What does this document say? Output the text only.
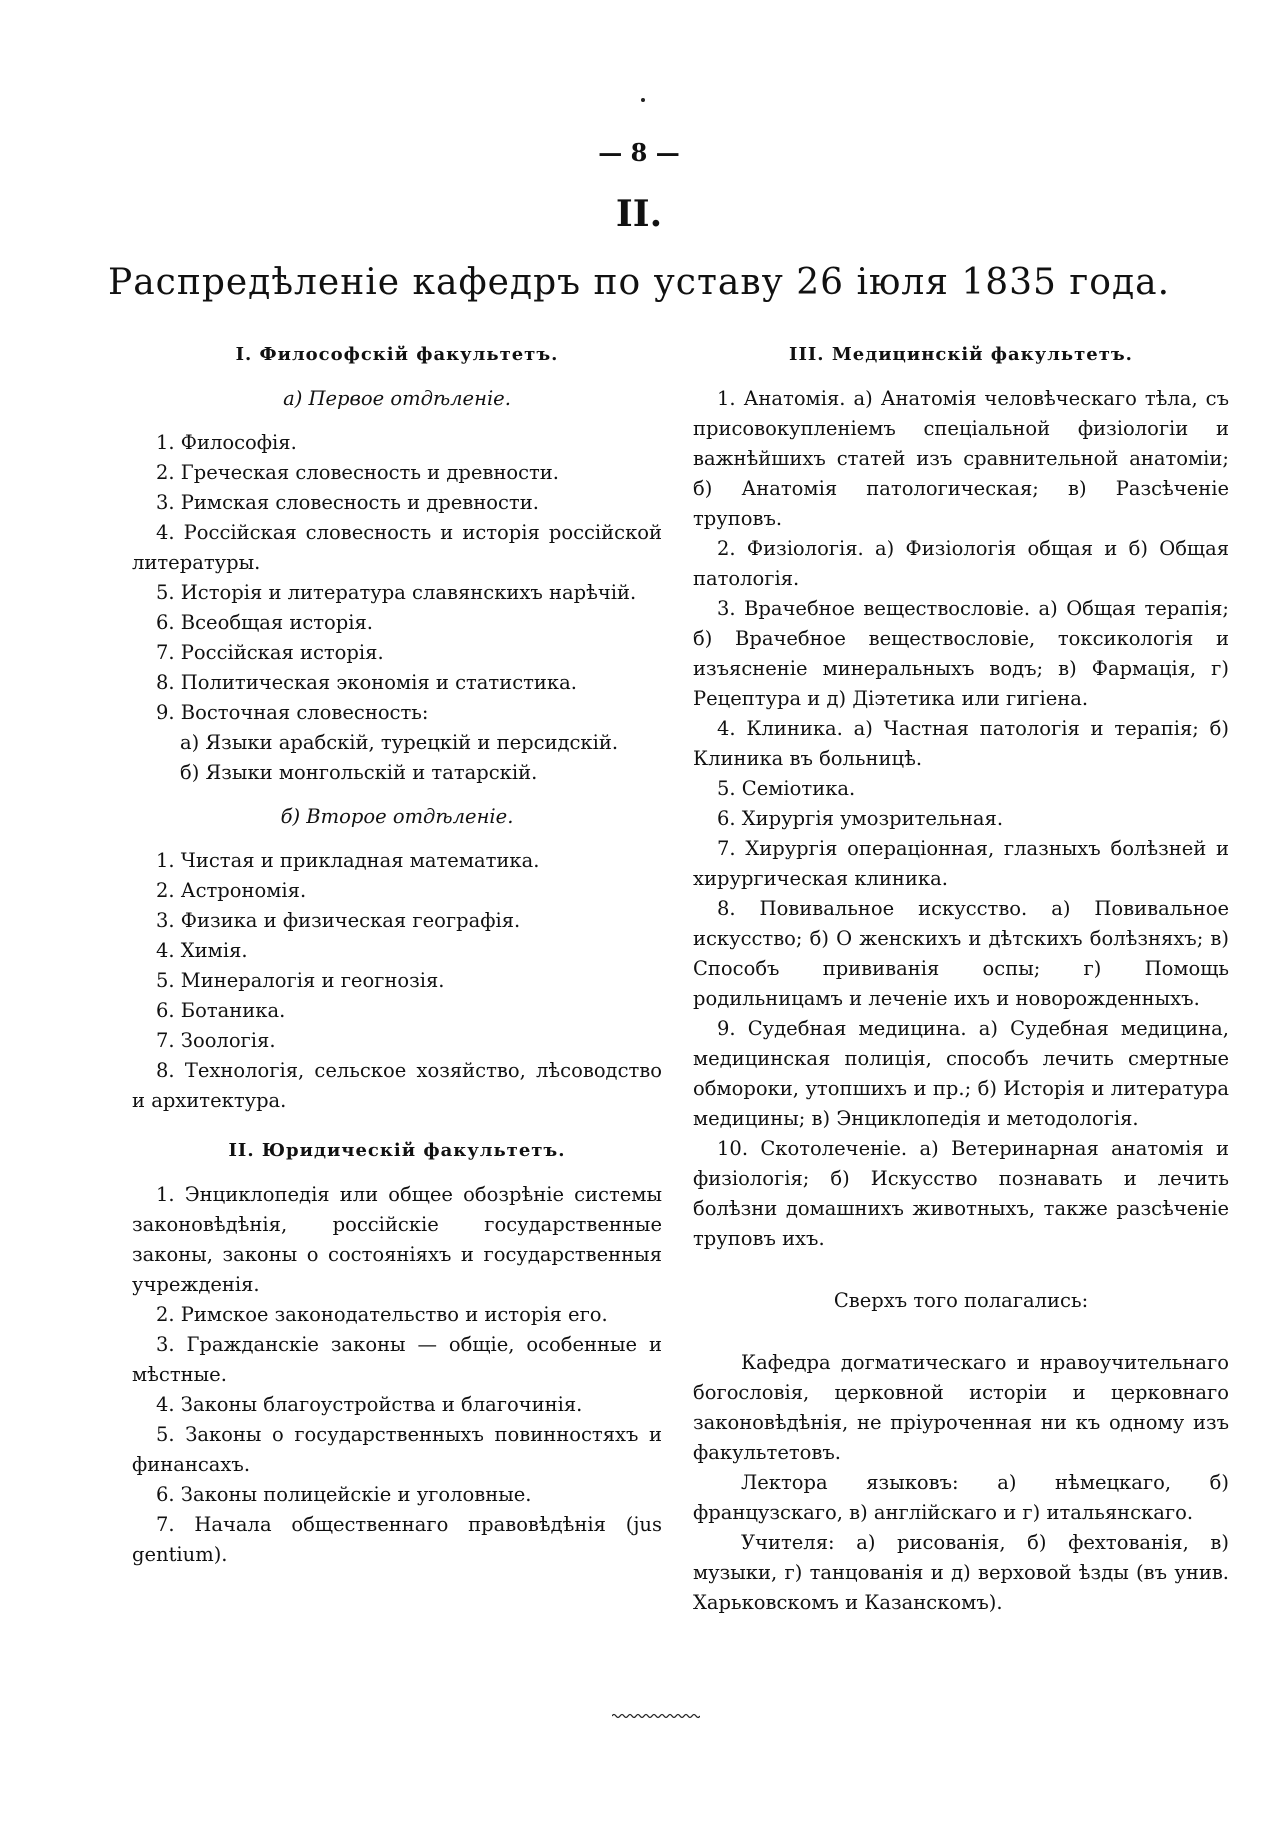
— 8 —
II.
Распредѣленіе кафедръ по уставу 26 іюля 1835 года.
I. Философскій факультетъ.
а) Первое отдѣленіе.
1. Философія.
2. Греческая словесность и древности.
3. Римская словесность и древности.
4. Россійская словесность и исторія россійской литературы.
5. Исторія и литература славянскихъ нарѣчій.
6. Всеобщая исторія.
7. Россійская исторія.
8. Политическая экономія и статистика.
9. Восточная словесность:
а) Языки арабскій, турецкій и персидскій.
б) Языки монгольскій и татарскій.
б) Второе отдѣленіе.
1. Чистая и прикладная математика.
2. Астрономія.
3. Физика и физическая географія.
4. Химія.
5. Минералогія и геогнозія.
6. Ботаника.
7. Зоологія.
8. Технологія, сельское хозяйство, лѣсоводство и архитектура.
II. Юридическій факультетъ.
1. Энциклопедія или общее обозрѣніе системы законовѣдѣнія, россійскіе государственные законы, законы о состояніяхъ и государственныя учрежденія.
2. Римское законодательство и исторія его.
3. Гражданскіе законы — общіе, особенные и мѣстные.
4. Законы благоустройства и благочинія.
5. Законы о государственныхъ повинностяхъ и финансахъ.
6. Законы полицейскіе и уголовные.
7. Начала общественнаго правовѣдѣнія (jus gentium).
III. Медицинскій факультетъ.
1. Анатомія. а) Анатомія человѣческаго тѣла, съ присовокупленіемъ спеціальной физіологіи и важнѣйшихъ статей изъ сравнительной анатоміи; б) Анатомія патологическая; в) Разсѣченіе труповъ.
2. Физіологія. а) Физіологія общая и б) Общая патологія.
3. Врачебное веществословіе. а) Общая терапія; б) Врачебное веществословіе, токсикологія и изъясненіе минеральныхъ водъ; в) Фармація, г) Рецептура и д) Діэтетика или гигіена.
4. Клиника. а) Частная патологія и терапія; б) Клиника въ больницѣ.
5. Семіотика.
6. Хирургія умозрительная.
7. Хирургія операціонная, глазныхъ болѣзней и хирургическая клиника.
8. Повивальное искусство. а) Повивальное искусство; б) О женскихъ и дѣтскихъ болѣзняхъ; в) Способъ прививанія оспы; г) Помощь родильницамъ и леченіе ихъ и новорожденныхъ.
9. Судебная медицина. а) Судебная медицина, медицинская полиція, способъ лечить смертные обмороки, утопшихъ и пр.; б) Исторія и литература медицины; в) Энциклопедія и методологія.
10. Скотолеченіе. а) Ветеринарная анатомія и физіологія; б) Искусство познавать и лечить болѣзни домашнихъ животныхъ, также разсѣченіе труповъ ихъ.
Сверхъ того полагались:
Кафедра догматическаго и нравоучительнаго богословія, церковной исторіи и церковнаго законовѣдѣнія, не пріуроченная ни къ одному изъ факультетовъ.
Лектора языковъ: а) нѣмецкаго, б) французскаго, в) англійскаго и г) итальянскаго.
Учителя: а) рисованія, б) фехтованія, в) музыки, г) танцованія и д) верховой ѣзды (въ унив. Харьковскомъ и Казанскомъ).
